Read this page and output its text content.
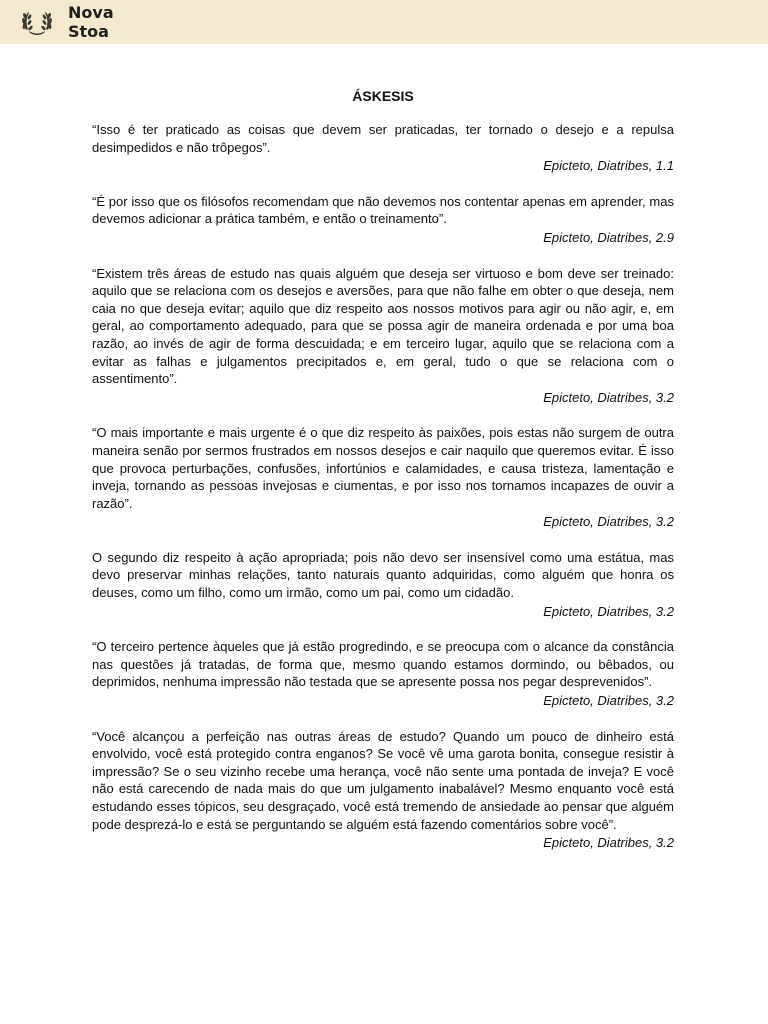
Nova
Stoa
ÁSKESIS

“Isso é ter praticado as coisas que devem ser praticadas, ter tornado o desejo e a repulsa desimpedidos e não trôpegos”.

Epicteto, Diatribes, 1.1

“É por isso que os filósofos recomendam que não devemos nos contentar apenas em aprender, mas devemos adicionar a prática também, e então o treinamento”.

Epicteto, Diatribes, 2.9

“Existem três áreas de estudo nas quais alguém que deseja ser virtuoso e bom deve ser treinado: aquilo que se relaciona com os desejos e aversões, para que não falhe em obter o que deseja, nem caia no que deseja evitar; aquilo que diz respeito aos nossos motivos para agir ou não agir, e, em geral, ao comportamento adequado, para que se possa agir de maneira ordenada e por uma boa razão, ao invés de agir de forma descuidada; e em terceiro lugar, aquilo que se relaciona com a evitar as falhas e julgamentos precipitados e, em geral, tudo o que se relaciona com o assentimento”.

Epicteto, Diatribes, 3.2

“O mais importante e mais urgente é o que diz respeito às paixões, pois estas não surgem de outra maneira senão por sermos frustrados em nossos desejos e cair naquilo que queremos evitar. É isso que provoca perturbações, confusões, infortúnios e calamidades, e causa tristeza, lamentação e inveja, tornando as pessoas invejosas e ciumentas, e por isso nos tornamos incapazes de ouvir a razão”.

Epicteto, Diatribes, 3.2

O segundo diz respeito à ação apropriada; pois não devo ser insensível como uma estátua, mas devo preservar minhas relações, tanto naturais quanto adquiridas, como alguém que honra os deuses, como um filho, como um irmão, como um pai, como um cidadão.

Epicteto, Diatribes, 3.2

“O terceiro pertence àqueles que já estão progredindo, e se preocupa com o alcance da constância nas questões já tratadas, de forma que, mesmo quando estamos dormindo, ou bêbados, ou deprimidos, nenhuma impressão não testada que se apresente possa nos pegar desprevenidos”.

Epicteto, Diatribes, 3.2

“Você alcançou a perfeição nas outras áreas de estudo? Quando um pouco de dinheiro está envolvido, você está protegido contra enganos? Se você vê uma garota bonita, consegue resistir à impressão? Se o seu vizinho recebe uma herança, você não sente uma pontada de inveja? E você não está carecendo de nada mais do que um julgamento inabalável? Mesmo enquanto você está estudando esses tópicos, seu desgraçado, você está tremendo de ansiedade ao pensar que alguém pode desprezá-lo e está se perguntando se alguém está fazendo comentários sobre você”.

Epicteto, Diatribes, 3.2
